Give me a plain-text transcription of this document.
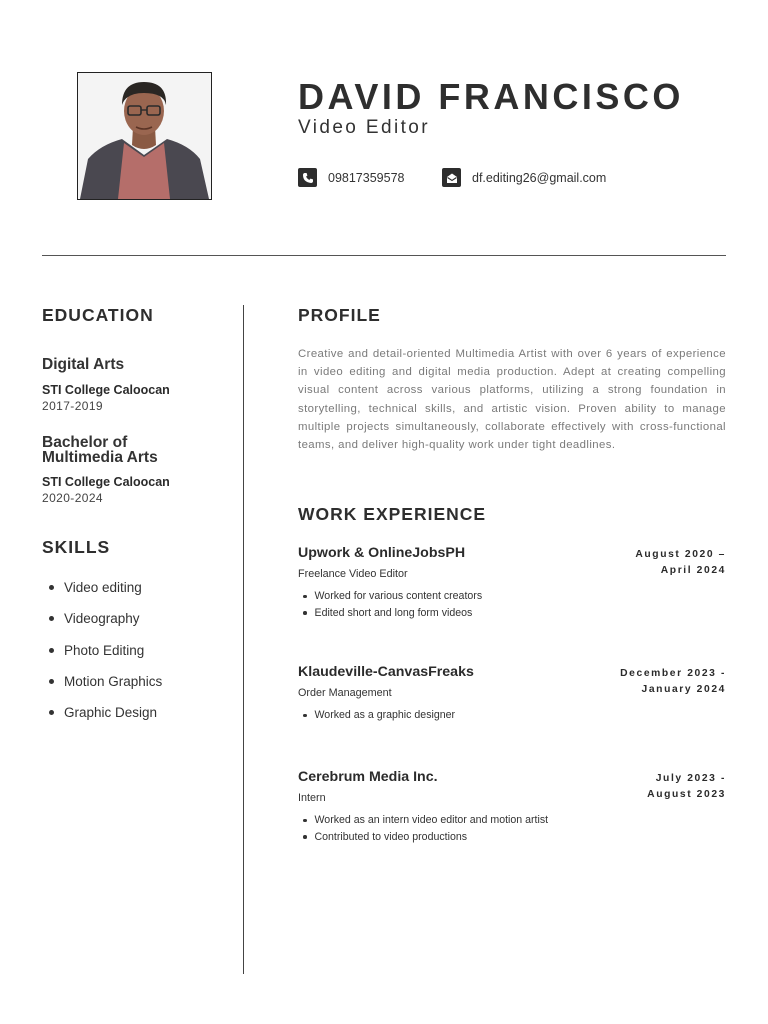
DAVID FRANCISCO
Video Editor
09817359578	df.editing26@gmail.com
EDUCATION
Digital Arts
STI College Caloocan
2017-2019
Bachelor of
Multimedia Arts
STI College Caloocan
2020-2024
SKILLS
Video editing
Videography
Photo Editing
Motion Graphics
Graphic Design
PROFILE

Creative and detail-oriented Multimedia Artist with over 6 years of experience in video editing and digital media production. Adept at creating compelling visual content across various platforms, utilizing a strong foundation in storytelling, technical skills, and artistic vision. Proven ability to manage multiple projects simultaneously, collaborate effectively with cross-functional teams, and deliver high-quality work under tight deadlines.

WORK EXPERIENCE
Upwork & OnlineJobsPH
Freelance Video Editor
August 2020 –
April 2024
Worked for various content creators
Edited short and long form videos
Klaudeville-CanvasFreaks
Order Management
December 2023 -
January 2024
Worked as a graphic designer
Cerebrum Media Inc.
Intern
July 2023 -
August 2023
Worked as an intern video editor and motion artist
Contributed to video productions
